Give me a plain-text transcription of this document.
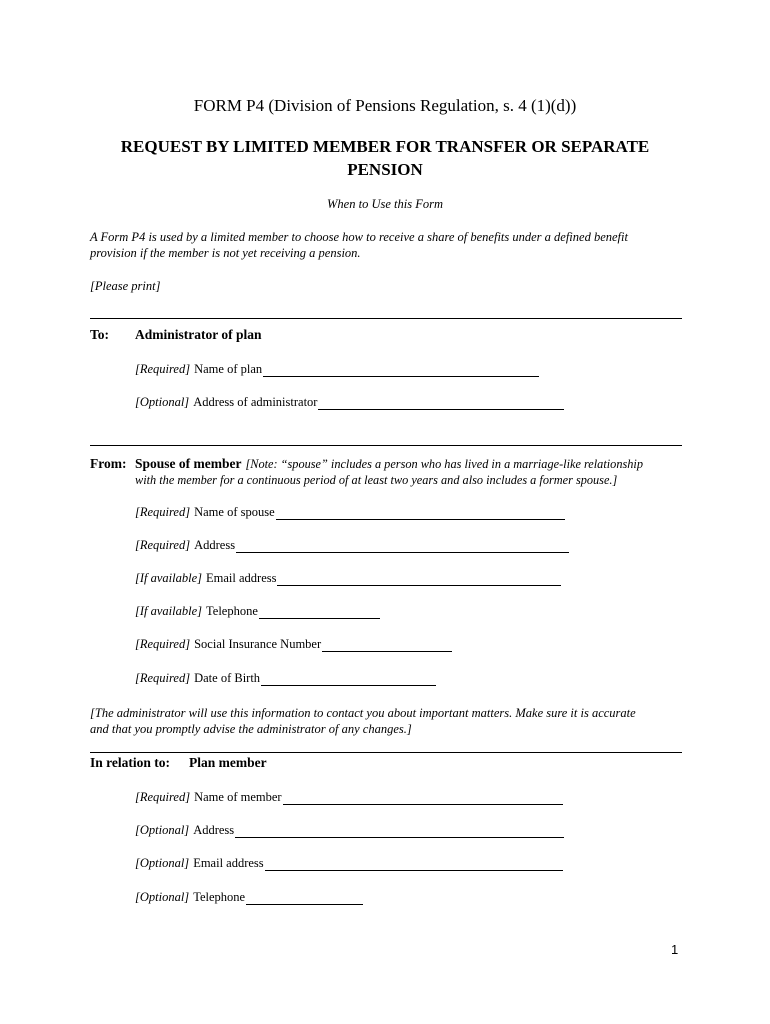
FORM P4 (Division of Pensions Regulation, s. 4 (1)(d))
REQUEST BY LIMITED MEMBER FOR TRANSFER OR SEPARATE
PENSION
When to Use this Form
A Form P4 is used by a limited member to choose how to receive a share of benefits under a defined benefit
provision if the member is not yet receiving a pension.
[Please print]
To: Administrator of plan
[Required] Name of plan
[Optional] Address of administrator
From: Spouse of member [Note: “spouse” includes a person who has lived in a marriage-like relationship
with the member for a continuous period of at least two years and also includes a former spouse.]
[Required] Name of spouse
[Required] Address
[If available] Email address
[If available] Telephone
[Required] Social Insurance Number
[Required] Date of Birth
[The administrator will use this information to contact you about important matters. Make sure it is accurate
and that you promptly advise the administrator of any changes.]
In relation to: Plan member
[Required] Name of member
[Optional] Address
[Optional] Email address
[Optional] Telephone
1
